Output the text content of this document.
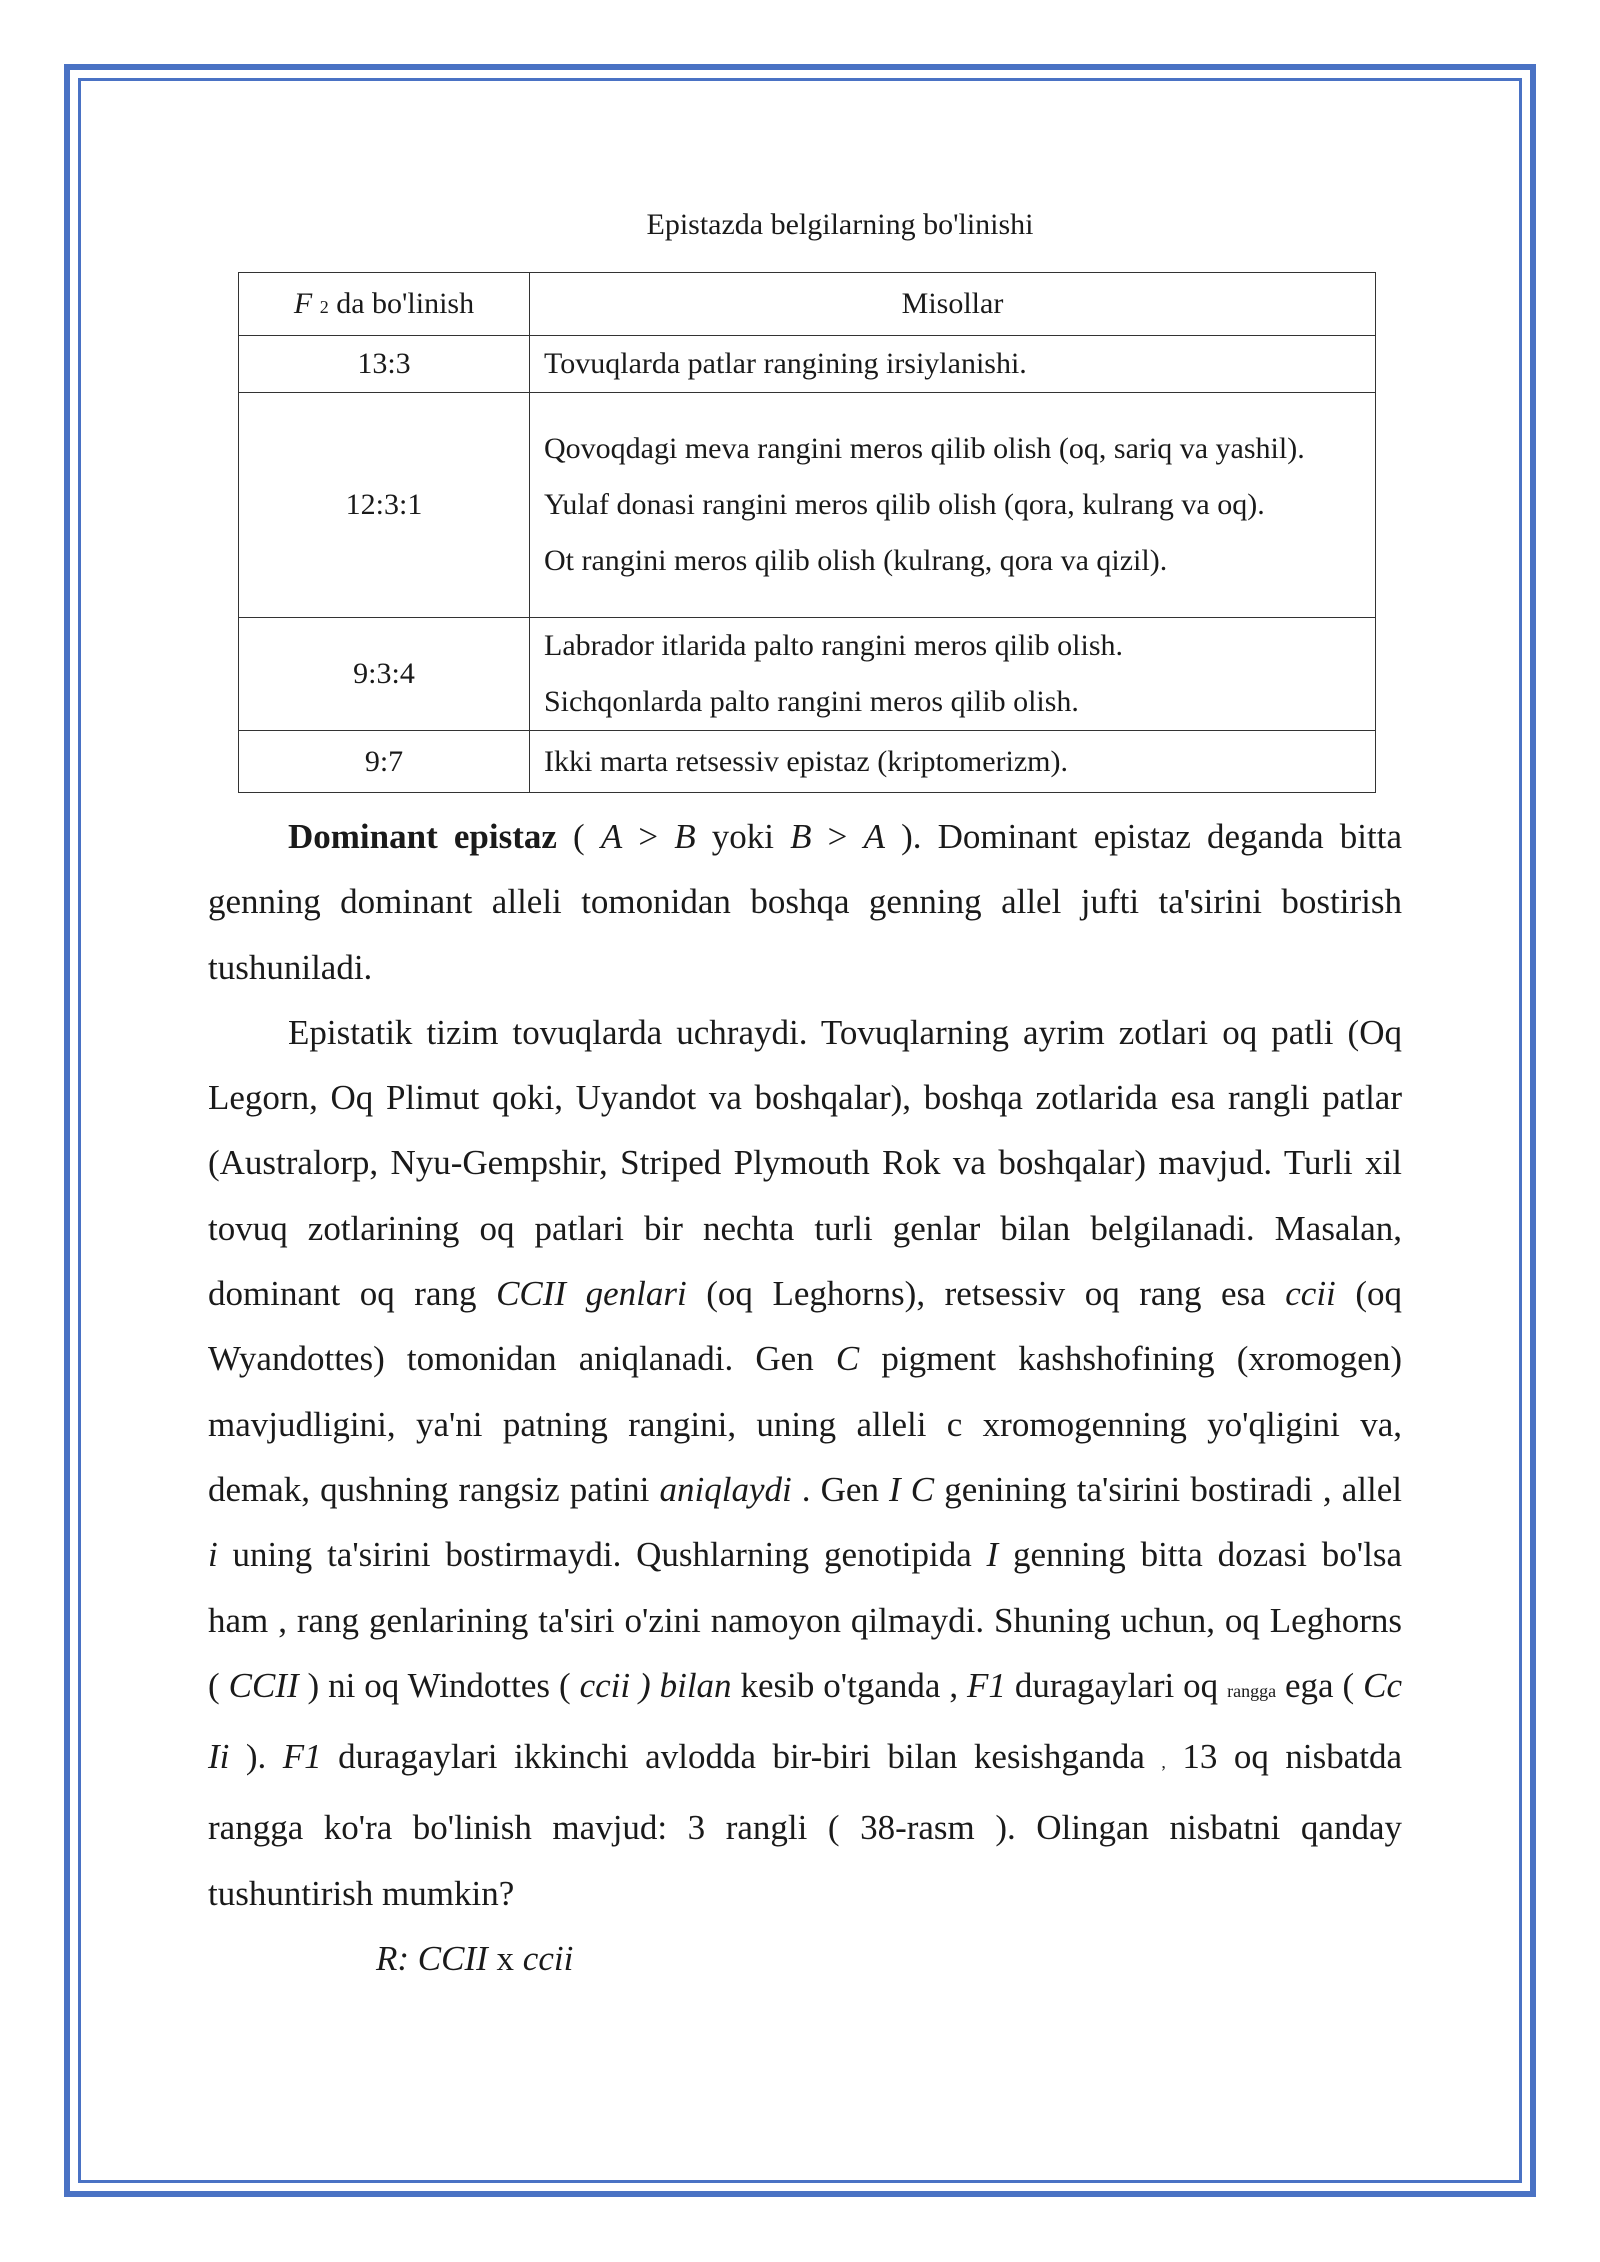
Epistazda belgilarning bo'linishi
F 2 da bo'linish	Misollar
13:3	Tovuqlarda patlar rangining irsiylanishi.

12:3:1	Qovoqdagi meva rangini meros qilib olish (oq, sariq va yashil).
Yulaf donasi rangini meros qilib olish (qora, kulrang va oq).
Ot rangini meros qilib olish (kulrang, qora va qizil).

9:3:4	Labrador itlarida palto rangini meros qilib olish.
Sichqonlarda palto rangini meros qilib olish.

9:7	Ikki marta retsessiv epistaz (kriptomerizm).

Dominant epistaz ( A > B yoki B > A ). Dominant epistaz deganda bitta genning dominant alleli tomonidan boshqa genning allel jufti ta'sirini bostirish tushuniladi.

Epistatik tizim tovuqlarda uchraydi. Tovuqlarning ayrim zotlari oq patli (Oq Legorn, Oq Plimut qoki, Uyandot va boshqalar), boshqa zotlarida esa rangli patlar (Australorp, Nyu-Gempshir, Striped Plymouth Rok va boshqalar) mavjud. Turli xil tovuq zotlarining oq patlari bir nechta turli genlar bilan belgilanadi. Masalan, dominant oq rang CCII genlari (oq Leghorns), retsessiv oq rang esa ccii (oq Wyandottes) tomonidan aniqlanadi. Gen C pigment kashshofining (xromogen) mavjudligini, ya'ni patning rangini, uning alleli c xromogenning yo'qligini va, demak, qushning rangsiz patini aniqlaydi . Gen I C genining ta'sirini bostiradi , allel i uning ta'sirini bostirmaydi. Qushlarning genotipida I genning bitta dozasi bo'lsa ham , rang genlarining ta'siri o'zini namoyon qilmaydi. Shuning uchun, oq Leghorns ( CCII ) ni oq Windottes ( ccii ) bilan kesib o'tganda , F1 duragaylari oq rangga ega ( Cc Ii ). F1 duragaylari ikkinchi avlodda bir-biri bilan kesishganda , 13 oq nisbatda rangga ko'ra bo'linish mavjud: 3 rangli ( 38-rasm ). Olingan nisbatni qanday tushuntirish mumkin?

R: CCII x ccii
